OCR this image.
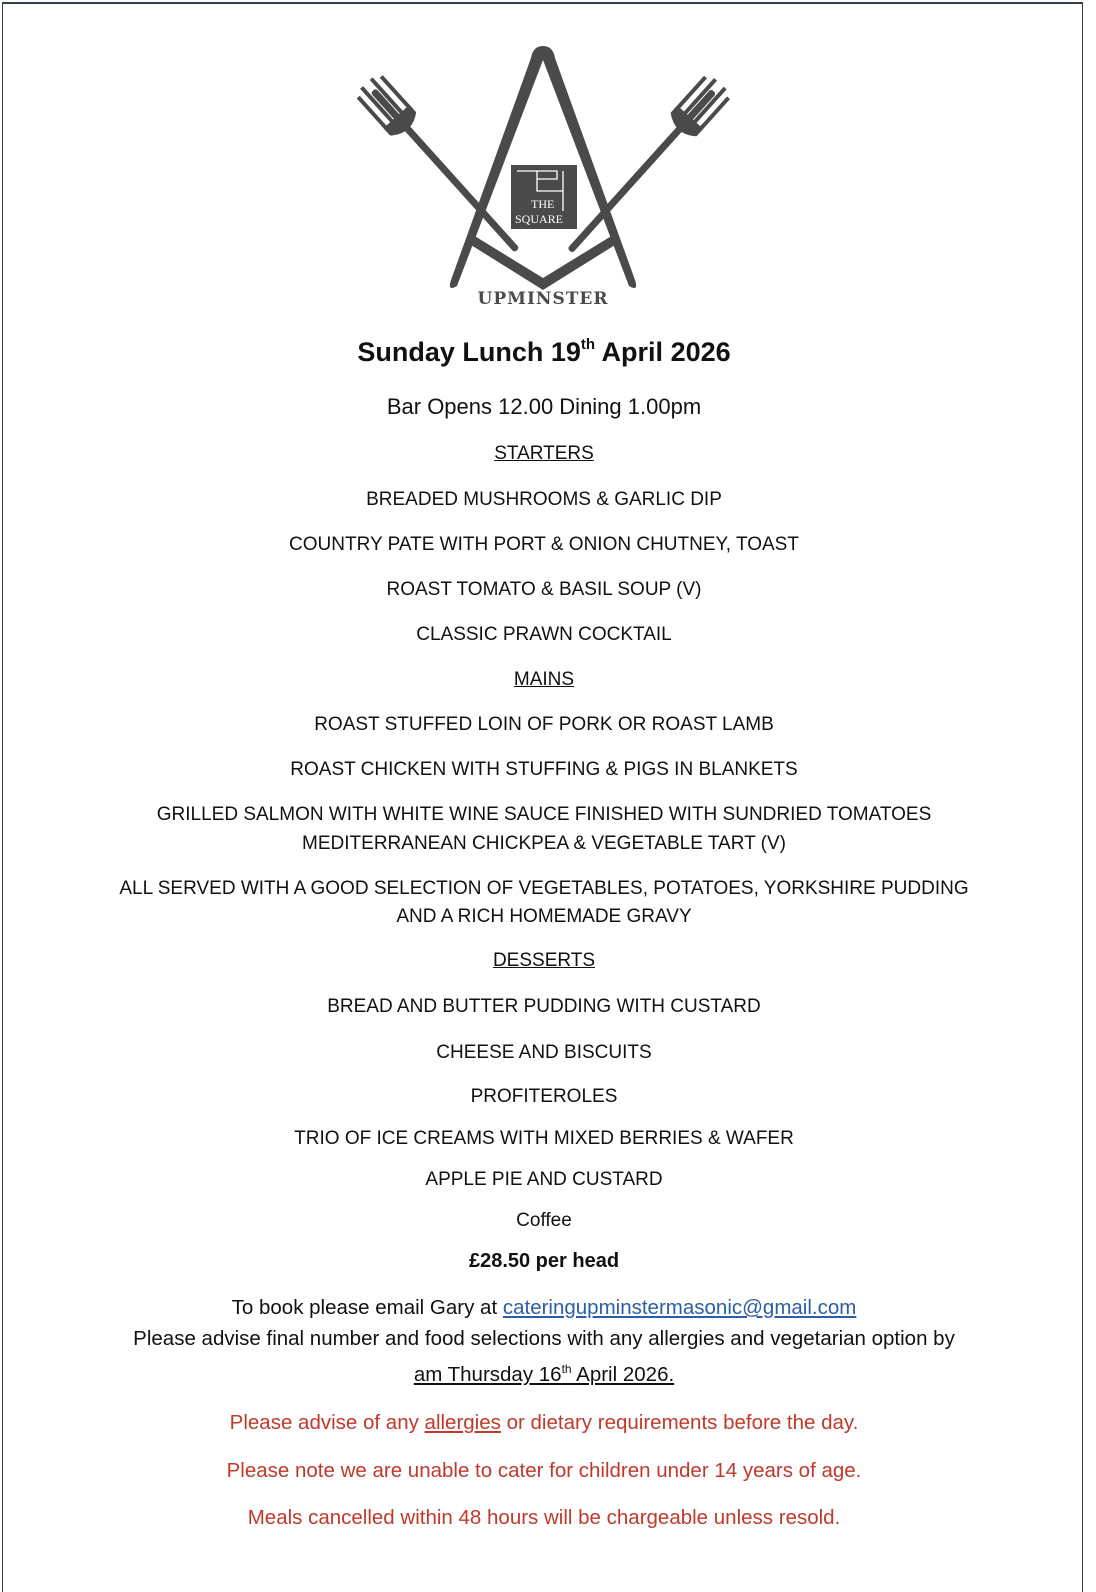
THE
SQUARE
UPMINSTER
Sunday Lunch 19th April 2026
Bar Opens 12.00 Dining 1.00pm
STARTERS
BREADED MUSHROOMS & GARLIC DIP
COUNTRY PATE WITH PORT & ONION CHUTNEY, TOAST
ROAST TOMATO & BASIL SOUP (V)
CLASSIC PRAWN COCKTAIL
MAINS
ROAST STUFFED LOIN OF PORK OR ROAST LAMB
ROAST CHICKEN WITH STUFFING & PIGS IN BLANKETS
GRILLED SALMON WITH WHITE WINE SAUCE FINISHED WITH SUNDRIED TOMATOES
MEDITERRANEAN CHICKPEA & VEGETABLE TART (V)
ALL SERVED WITH A GOOD SELECTION OF VEGETABLES, POTATOES, YORKSHIRE PUDDING
AND A RICH HOMEMADE GRAVY
DESSERTS
BREAD AND BUTTER PUDDING WITH CUSTARD
CHEESE AND BISCUITS
PROFITEROLES
TRIO OF ICE CREAMS WITH MIXED BERRIES & WAFER
APPLE PIE AND CUSTARD
Coffee
£28.50 per head
To book please email Gary at cateringupminstermasonic@gmail.com
Please advise final number and food selections with any allergies and vegetarian option by
am Thursday 16th April 2026.
Please advise of any allergies or dietary requirements before the day.
Please note we are unable to cater for children under 14 years of age.
Meals cancelled within 48 hours will be chargeable unless resold.
